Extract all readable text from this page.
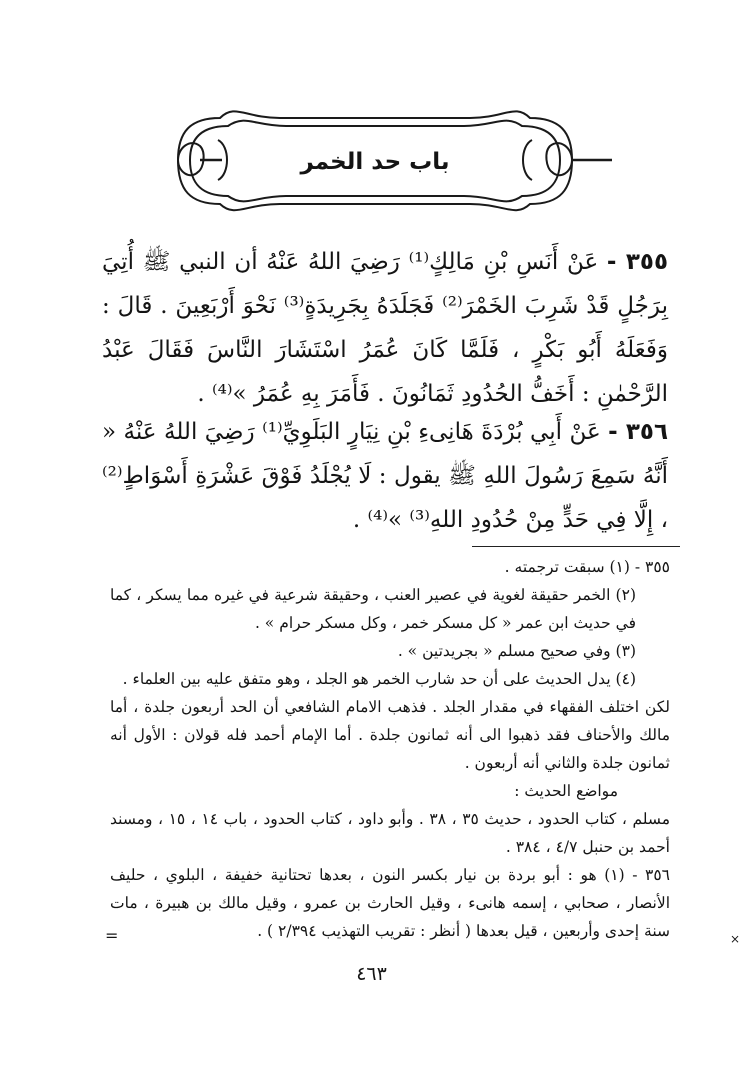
باب حد الخمر
٣٥٥ - عَنْ أَنَسِ بْنِ مَالِكٍ⁽¹⁾ رَضِيَ اللهُ عَنْهُ أن النبي ﷺ أُتِيَ بِرَجُلٍ قَدْ شَرِبَ الخَمْرَ⁽²⁾ فَجَلَدَهُ بِجَرِيدَةٍ⁽³⁾ نَحْوَ أَرْبَعِينَ . قَالَ : وَفَعَلَهُ أَبُو بَكْرٍ ، فَلَمَّا كَانَ عُمَرُ اسْتَشَارَ النَّاسَ فَقَالَ عَبْدُ الرَّحْمٰنِ : أَخَفُّ الحُدُودِ ثَمَانُونَ . فَأَمَرَ بِهِ عُمَرُ »⁽⁴⁾ .
٣٥٦ - عَنْ أَبِي بُرْدَةَ هَانِىءِ بْنِ نِيَارٍ البَلَوِيِّ⁽¹⁾ رَضِيَ اللهُ عَنْهُ « أَنَّهُ سَمِعَ رَسُولَ اللهِ ﷺ يقول : لَا يُجْلَدُ فَوْقَ عَشْرَةِ أَسْوَاطٍ⁽²⁾ ، إِلَّا فِي حَدٍّ مِنْ حُدُودِ اللهِ⁽³⁾ »⁽⁴⁾ .

٣٥٥ - (١) سبقت ترجمته .

(٢) الخمر حقيقة لغوية في عصير العنب ، وحقيقة شرعية في غيره مما يسكر ، كما في حديث ابن عمر « كل مسكر خمر ، وكل مسكر حرام » .

(٣) وفي صحيح مسلم « بجريدتين » .

(٤) يدل الحديث على أن حد شارب الخمر هو الجلد ، وهو متفق عليه بين العلماء .

لكن اختلف الفقهاء في مقدار الجلد . فذهب الامام الشافعي أن الحد أربعون جلدة ، أما مالك والأحناف فقد ذهبوا الى أنه ثمانون جلدة . أما الإمام أحمد فله قولان : الأول أنه ثمانون جلدة والثاني أنه أربعون .

مواضع الحديث :

مسلم ، كتاب الحدود ، حديث ٣٥ ، ٣٨ . وأبو داود ، كتاب الحدود ، باب ١٤ ، ١٥ ، ومسند أحمد بن حنبل ٤/٧ ، ٣٨٤ .

٣٥٦ - (١) هو : أبو بردة بن نيار بكسر النون ، بعدها تحتانية خفيفة ، البلوي ، حليف الأنصار ، صحابي ، إسمه هانىء ، وقيل الحارث بن عمرو ، وقيل مالك بن هبيرة ، مات سنة إحدى وأربعين ، قيل بعدها ( أنظر : تقريب التهذيب ٢/٣٩٤ ) .	×
=
٤٦٣
